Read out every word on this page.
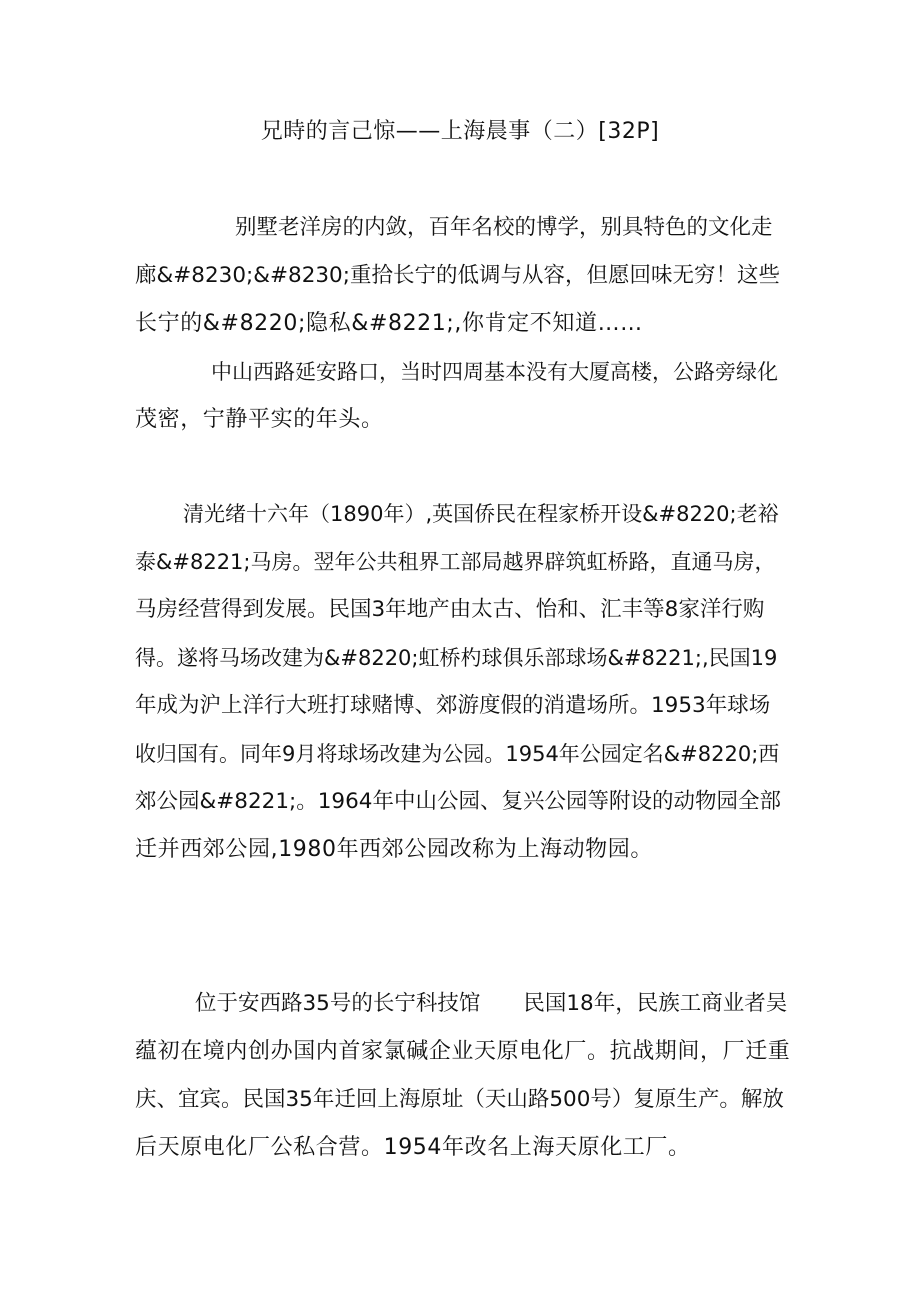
兄時的言己惊——上海晨事（二）[32P]
别墅老洋房的内敛，百年名校的博学，别具特色的文化走
廊&#8230;&#8230;重拾长宁的低调与从容，但愿回味无穷！这些
长宁的&#8220;隐私&#8221;,你肯定不知道……
中山西路延安路口，当时四周基本没有大厦高楼，公路旁绿化
茂密，宁静平实的年头。
清光绪十六年（1890年）,英国侨民在程家桥开设&#8220;老裕
泰&#8221;马房。翌年公共租界工部局越界辟筑虹桥路，直通马房，
马房经营得到发展。民国3年地产由太古、怡和、汇丰等8家洋行购
得。遂将马场改建为&#8220;虹桥杓球俱乐部球场&#8221;,民国19
年成为沪上洋行大班打球赌博、郊游度假的消遣场所。1953年球场
收归国有。同年9月将球场改建为公园。1954年公园定名&#8220;西
郊公园&#8221;。1964年中山公园、复兴公园等附设的动物园全部
迁并西郊公园,1980年西郊公园改称为上海动物园。
位于安西路35号的长宁科技馆　　民国18年，民族工商业者吴
蕴初在境内创办国内首家氯碱企业天原电化厂。抗战期间，厂迁重
庆、宜宾。民国35年迁回上海原址（天山路500号）复原生产。解放
后天原电化厂公私合营。1954年改名上海天原化工厂。
